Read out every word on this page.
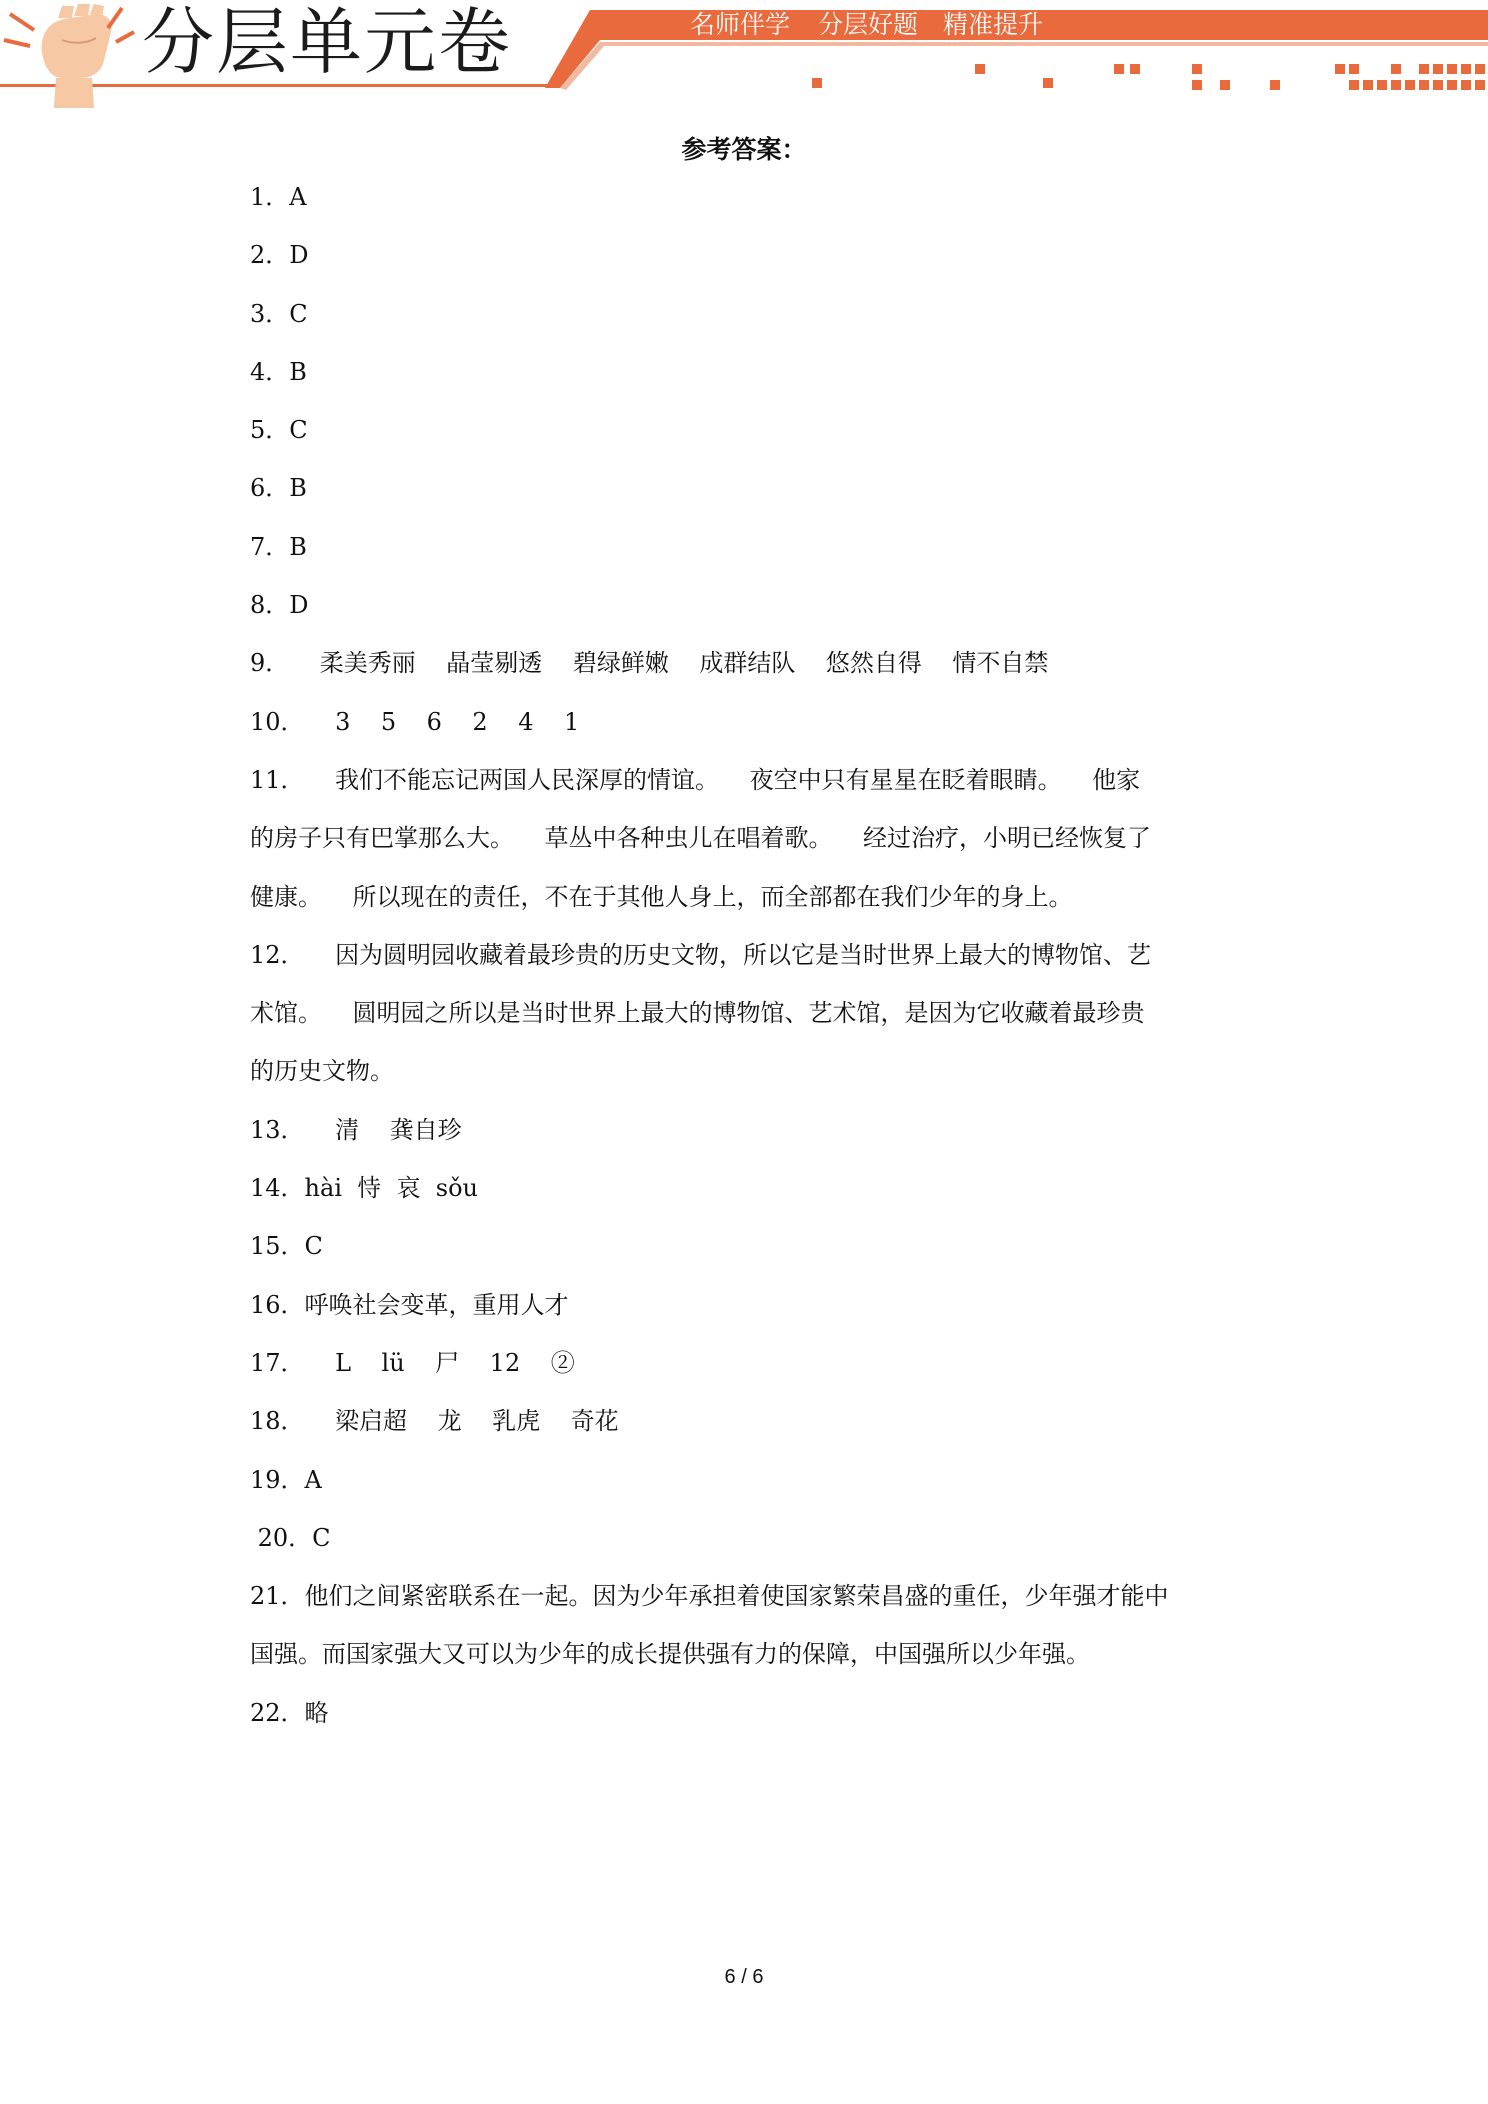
分层单元卷	名师伴学 分层好题 精准提升
参考答案：
1．A
2．D
3．C
4．B
5．C
6．B
7．B
8．D
9．    柔美秀丽    晶莹剔透    碧绿鲜嫩    成群结队    悠然自得    情不自禁
10．    3    5    6    2    4    1
11．    我们不能忘记两国人民深厚的情谊。    夜空中只有星星在眨着眼睛。    他家
的房子只有巴掌那么大。    草丛中各种虫儿在唱着歌。    经过治疗，小明已经恢复了
健康。    所以现在的责任，不在于其他人身上，而全部都在我们少年的身上。
12．    因为圆明园收藏着最珍贵的历史文物，所以它是当时世界上最大的博物馆、艺
术馆。    圆明园之所以是当时世界上最大的博物馆、艺术馆，是因为它收藏着最珍贵
的历史文物。
13．    清    龚自珍
14．hài  恃  哀  sǒu
15．C
16．呼唤社会变革，重用人才
17．    L    lü    尸    12    ②
18．    梁启超    龙    乳虎    奇花
19．A
20．C
21．他们之间紧密联系在一起。因为少年承担着使国家繁荣昌盛的重任，少年强才能中
国强。而国家强大又可以为少年的成长提供强有力的保障，中国强所以少年强。
22．略
6 / 6
